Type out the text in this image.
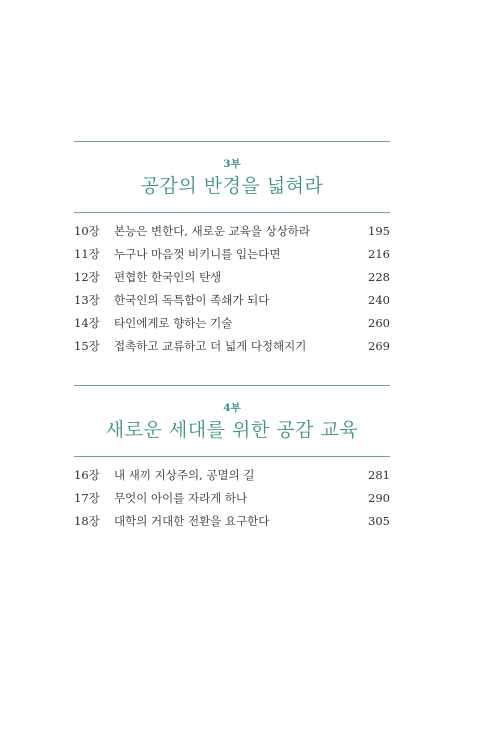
3부
공감의 반경을 넓혀라
10장	본능은 변한다, 새로운 교육을 상상하라	195
11장	누구나 마음껏 비키니를 입는다면	216
12장	편협한 한국인의 탄생	228
13장	한국인의 독특함이 족쇄가 되다	240
14장	타인에게로 향하는 기술	260
15장	접촉하고 교류하고 더 넓게 다정해지기	269
4부
새로운 세대를 위한 공감 교육
16장	내 새끼 지상주의, 공멸의 길	281
17장	무엇이 아이를 자라게 하나	290
18장	대학의 거대한 전환을 요구한다	305
